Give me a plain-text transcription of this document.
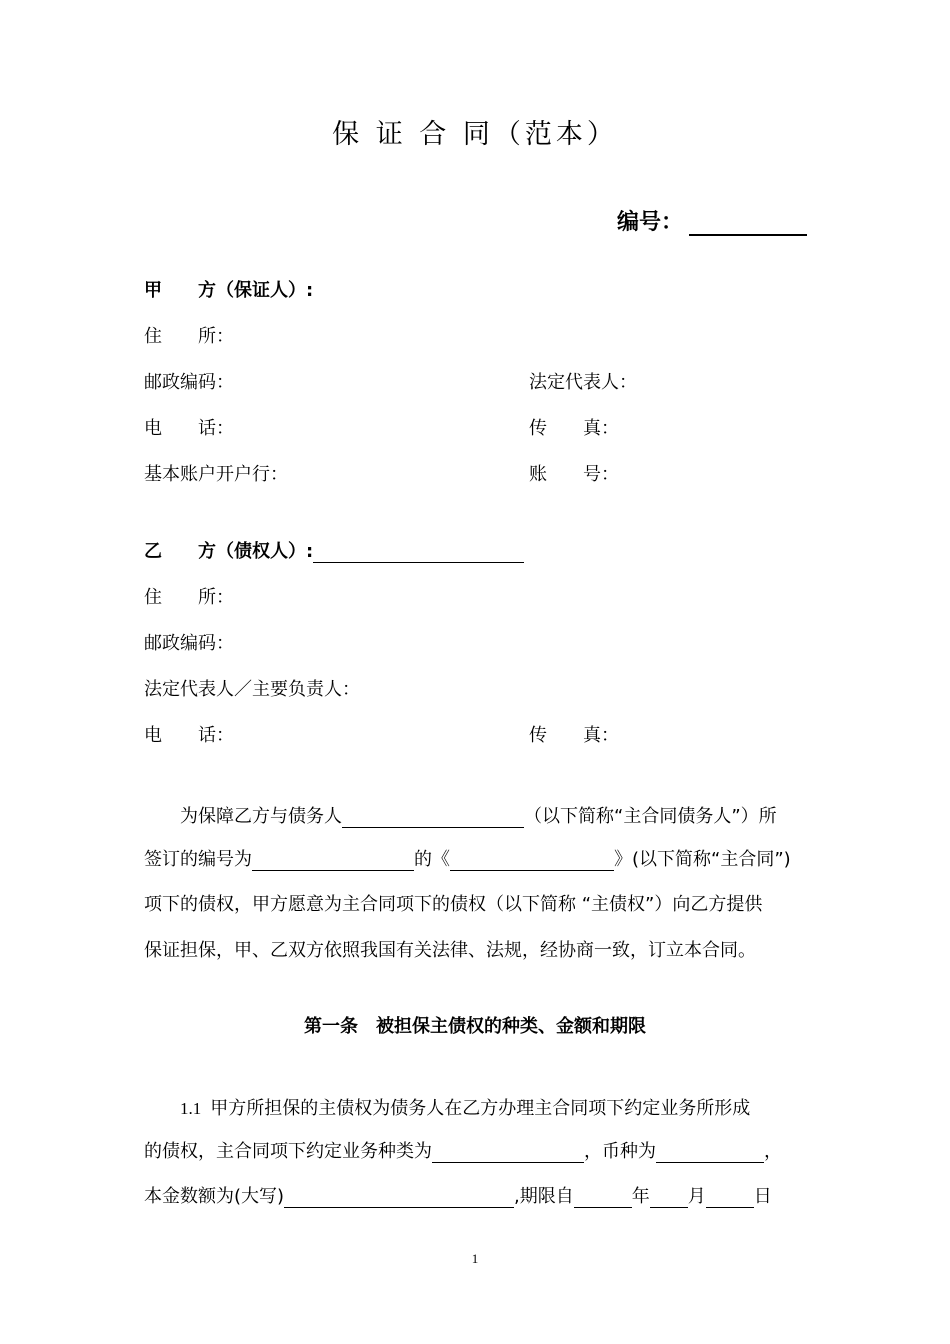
保 证 合 同（范本）
编号：
甲　　方（保证人）:
住　　所：
邮政编码：	法定代表人：
电　　话：	传　　真：
基本账户开户行：	账　　号：
乙　　方（债权人）:
住　　所：
邮政编码：
法定代表人／主要负责人：
电　　话：	传　　真：
为保障乙方与债务人	（以下简称“主合同债务人”）所
签订的编号为	的《	》(以下简称“主合同”)
项下的债权，甲方愿意为主合同项下的债权（以下简称 “主债权”）向乙方提供
保证担保，甲、乙双方依照我国有关法律、法规，经协商一致，订立本合同。
第一条　被担保主债权的种类、金额和期限
1.1 甲方所担保的主债权为债务人在乙方办理主合同项下约定业务所形成
的债权，主合同项下约定业务种类为	，币种为	，
本金数额为(大写)	,期限自	年 月	日
1
